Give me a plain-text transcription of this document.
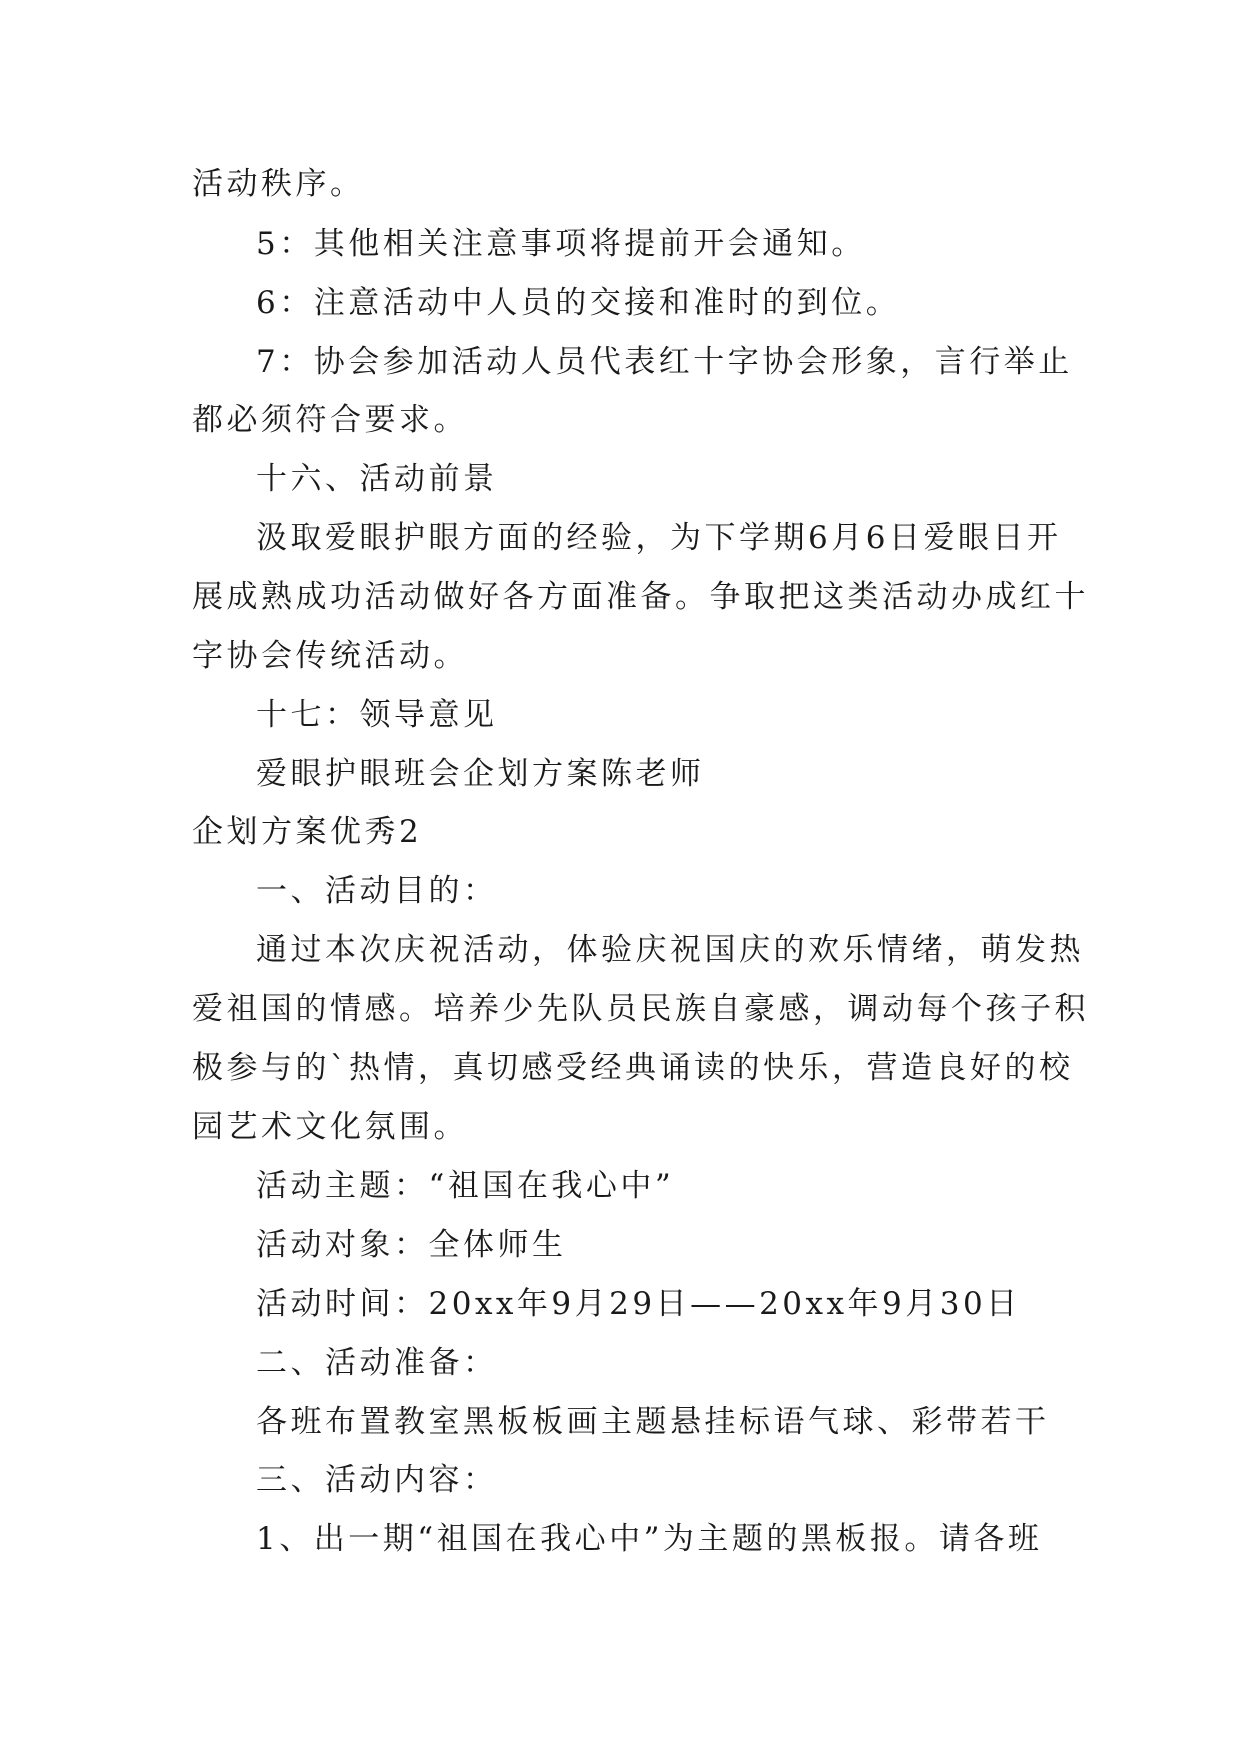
活动秩序。
5：其他相关注意事项将提前开会通知。
6：注意活动中人员的交接和准时的到位。
7：协会参加活动人员代表红十字协会形象，言行举止
都必须符合要求。
十六、活动前景
汲取爱眼护眼方面的经验，为下学期6月6日爱眼日开
展成熟成功活动做好各方面准备。争取把这类活动办成红十
字协会传统活动。
十七：领导意见
爱眼护眼班会企划方案陈老师
企划方案优秀2
一、活动目的：
通过本次庆祝活动，体验庆祝国庆的欢乐情绪，萌发热
爱祖国的情感。培养少先队员民族自豪感，调动每个孩子积
极参与的`热情，真切感受经典诵读的快乐，营造良好的校
园艺术文化氛围。
活动主题：“祖国在我心中”
活动对象：全体师生
活动时间：20xx年9月29日——20xx年9月30日
二、活动准备：
各班布置教室黑板板画主题悬挂标语气球、彩带若干
三、活动内容：
1、出一期“祖国在我心中”为主题的黑板报。请各班
